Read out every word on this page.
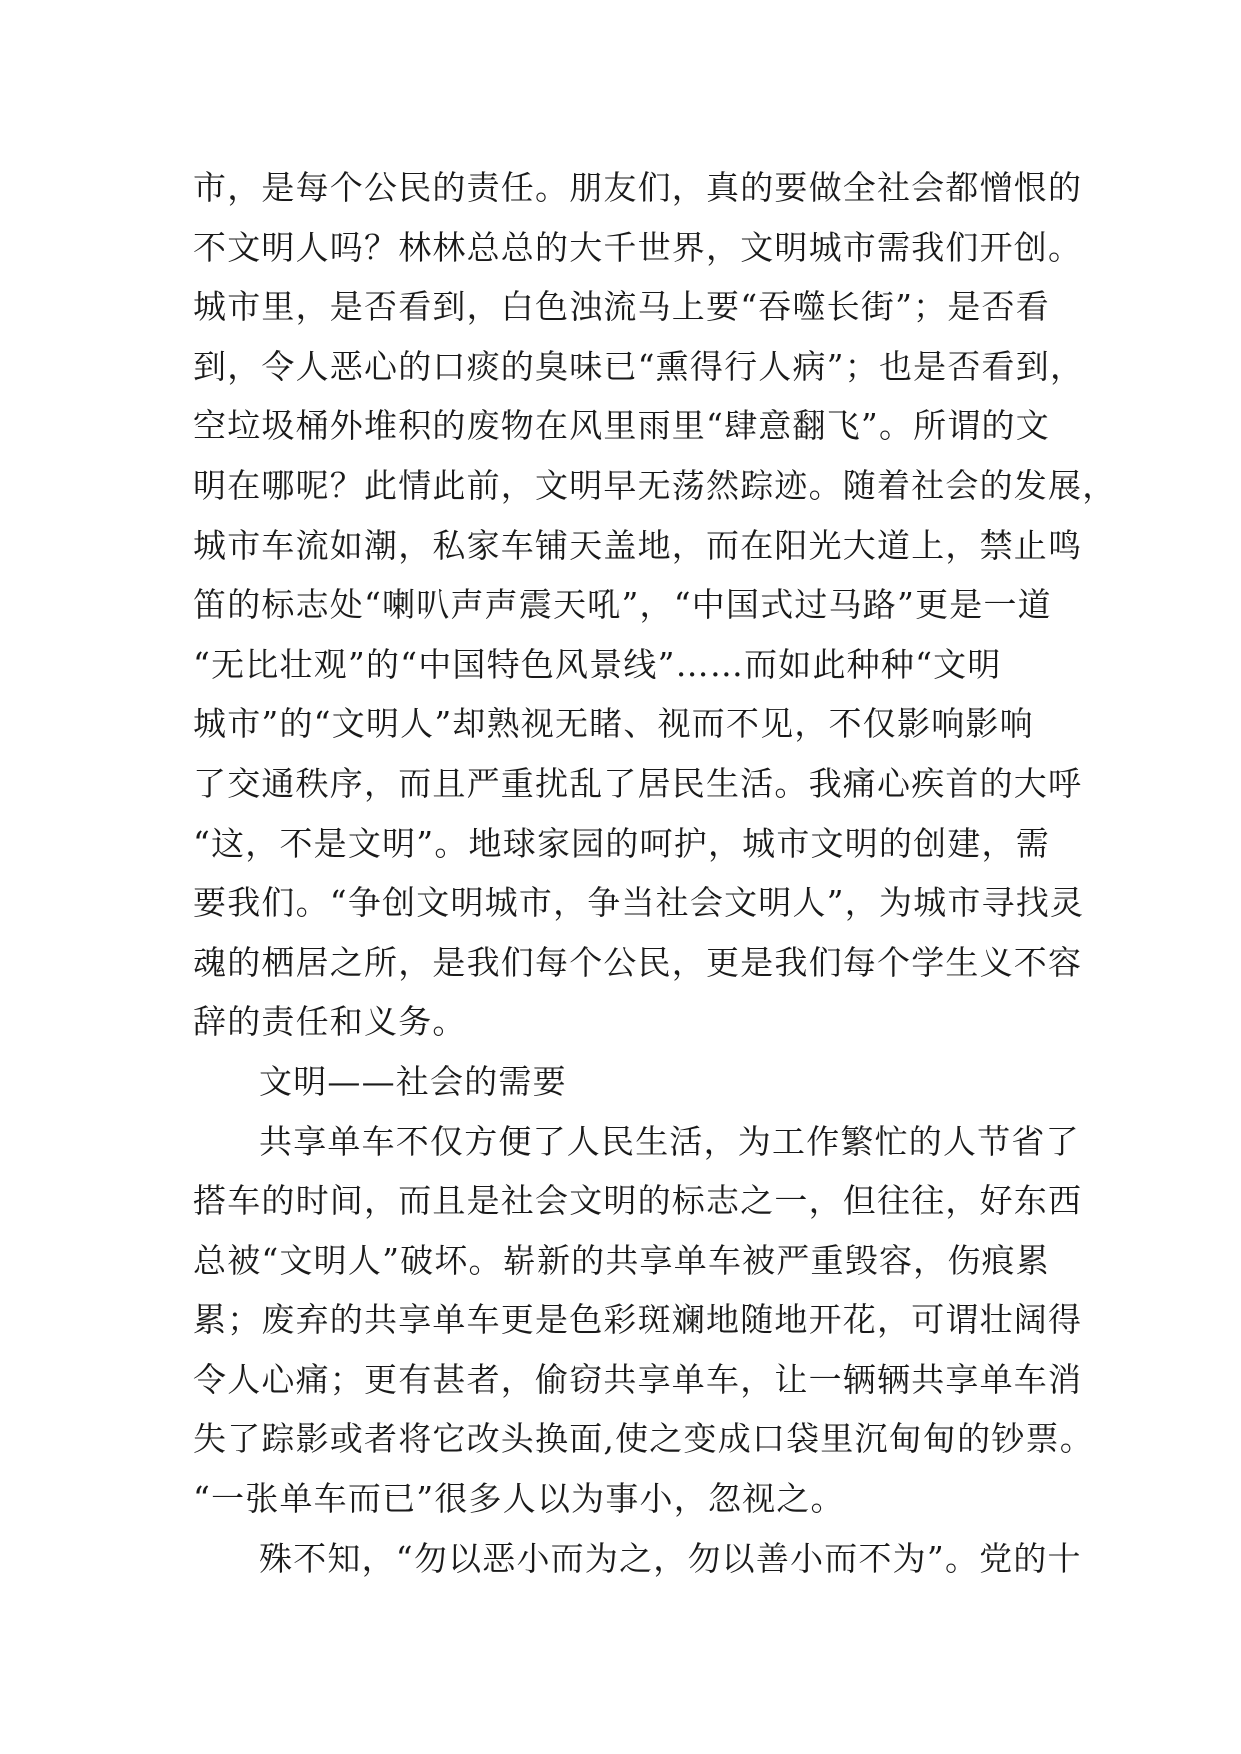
市，是每个公民的责任。朋友们，真的要做全社会都憎恨的
不文明人吗？林林总总的大千世界，文明城市需我们开创。
城市里，是否看到，白色浊流马上要“吞噬长街”；是否看
到，令人恶心的口痰的臭味已“熏得行人病”；也是否看到，
空垃圾桶外堆积的废物在风里雨里“肆意翻飞”。所谓的文
明在哪呢？此情此前，文明早无荡然踪迹。随着社会的发展，
城市车流如潮，私家车铺天盖地，而在阳光大道上，禁止鸣
笛的标志处“喇叭声声震天吼”，“中国式过马路”更是一道
“无比壮观”的“中国特色风景线”……而如此种种“文明
城市”的“文明人”却熟视无睹、视而不见，不仅影响影响
了交通秩序，而且严重扰乱了居民生活。我痛心疾首的大呼
“这，不是文明”。地球家园的呵护，城市文明的创建，需
要我们。“争创文明城市，争当社会文明人”，为城市寻找灵
魂的栖居之所，是我们每个公民，更是我们每个学生义不容
辞的责任和义务。
文明——社会的需要
共享单车不仅方便了人民生活，为工作繁忙的人节省了
搭车的时间，而且是社会文明的标志之一，但往往，好东西
总被“文明人”破坏。崭新的共享单车被严重毁容，伤痕累
累；废弃的共享单车更是色彩斑斓地随地开花，可谓壮阔得
令人心痛；更有甚者，偷窃共享单车，让一辆辆共享单车消
失了踪影或者将它改头换面,使之变成口袋里沉甸甸的钞票。
“一张单车而已”很多人以为事小，忽视之。
殊不知，“勿以恶小而为之，勿以善小而不为”。党的十
